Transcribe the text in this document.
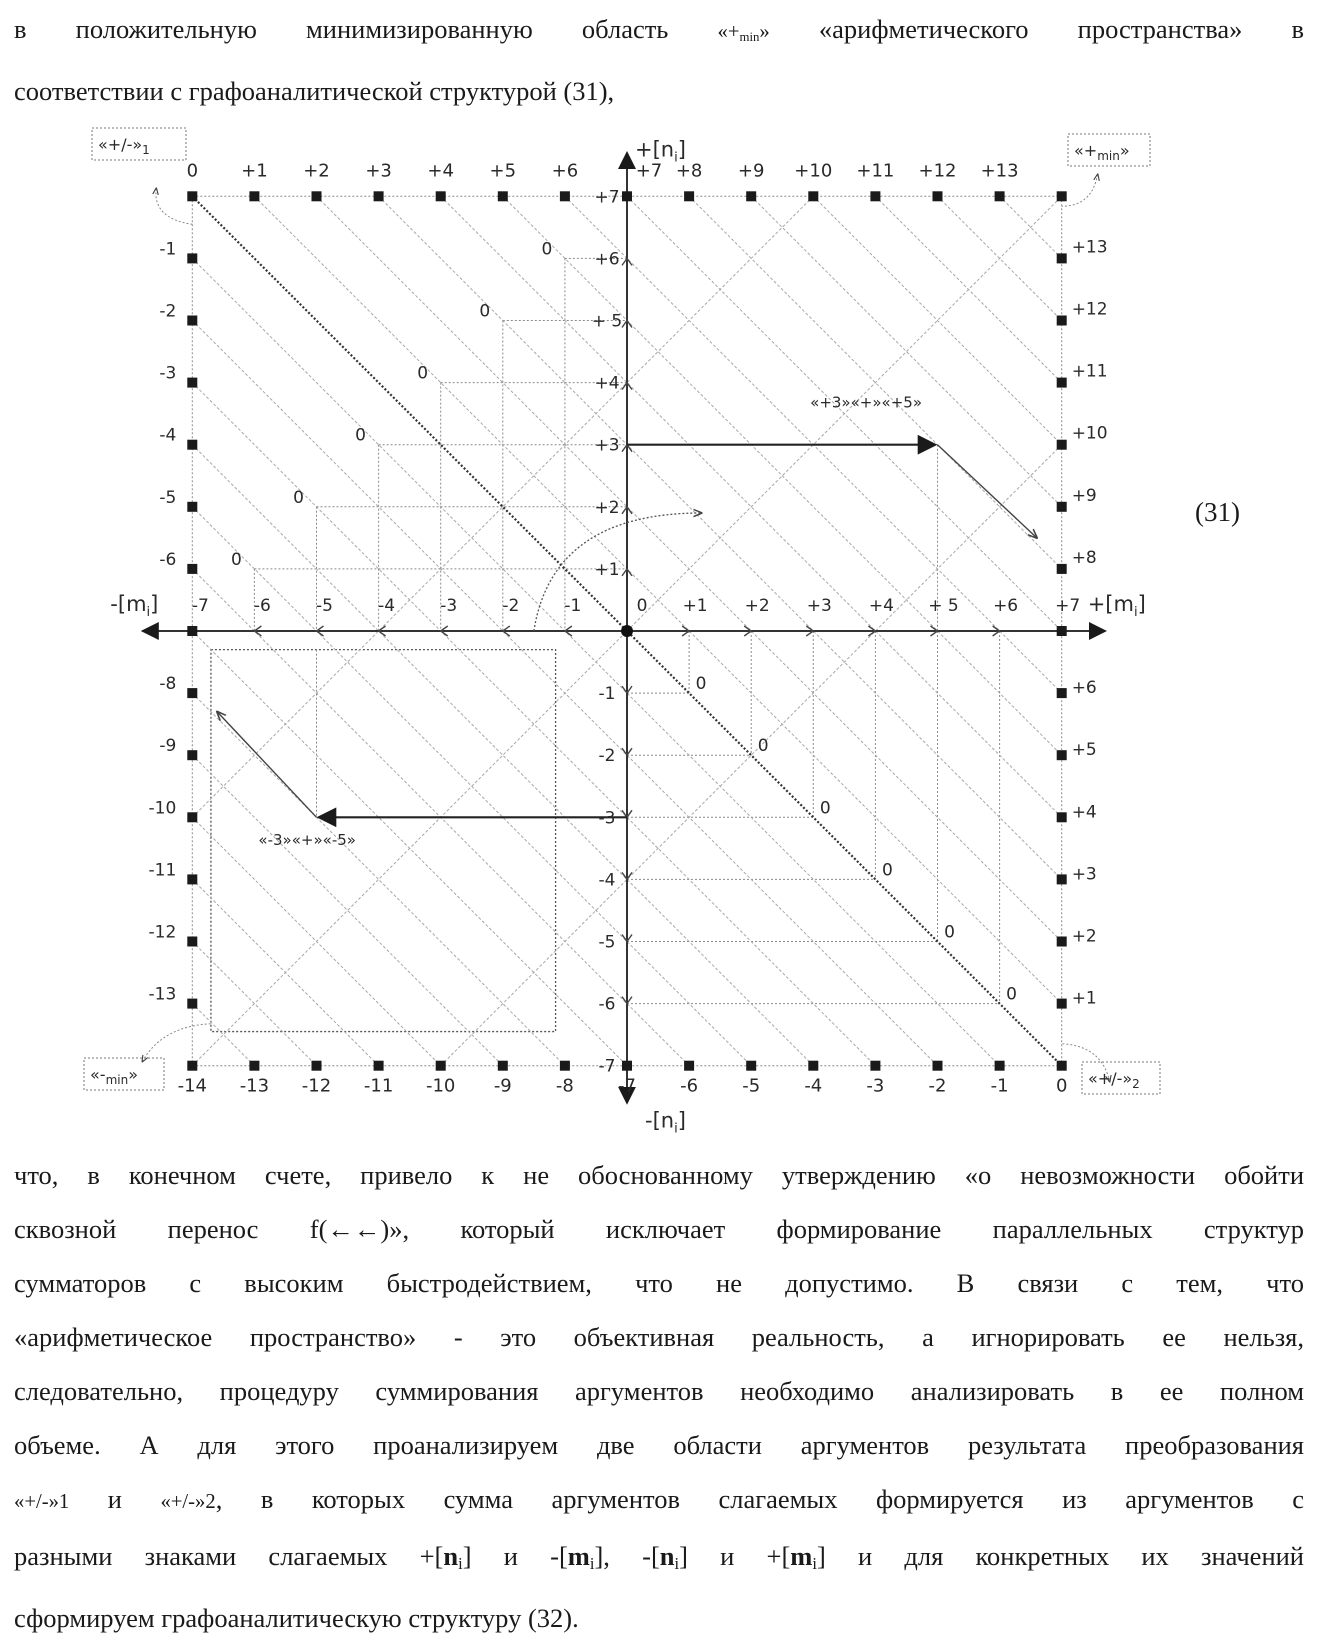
в положительную минимизированную область «+min» «арифметического пространства» в
соответствии с графоаналитической структурой (31),
0
0
0
0
0
0
0
0
0
0
0
0
«+3»«+»«+5»
«-3»«+»«-5»
0 +1 +2 +3 +4 + 5 +6 +7
-7	-6	-5	-4	-3	-2	-1
+1
+2
+3
+4
+ 5
+6
+7
-1
-2
-3
-4
-5
-6
-7
0 +1 +2 +3 +4 +5 +6	+7 +8 +9 +10 +11 +12 +13
-14 -13 -12 -11 -10 -9 -8 -7 -6 -5 -4 -3 -2 -1	0
-1
-2
-3
-4
-5
-6
-8
-9
-10
-11
-12
-13
+13
+12
+11
+10
+9
+8
+6
+5
+4
+3
+2
+1
+[ni]
-[ni]
-[mi]	+[mi]
«+/-»1	«+min»
«-min»	«+/-»2
(31)
что, в конечном счете, привело к не обоснованному утверждению «о невозможности обойти
сквозной перенос f(←←)», который исключает формирование параллельных структур
сумматоров с высоким быстродействием, что не допустимо. В связи с тем, что
«арифметическое пространство» - это объективная реальность, а игнорировать ее нельзя,
следовательно, процедуру суммирования аргументов необходимо анализировать в ее полном
объеме. А для этого проанализируем две области аргументов результата преобразования
«+/-»1 и «+/-»2, в которых сумма аргументов слагаемых формируется из аргументов с
разными знаками слагаемых +[ni] и -[mi], -[ni] и +[mi] и для конкретных их значений
сформируем графоаналитическую структуру (32).
